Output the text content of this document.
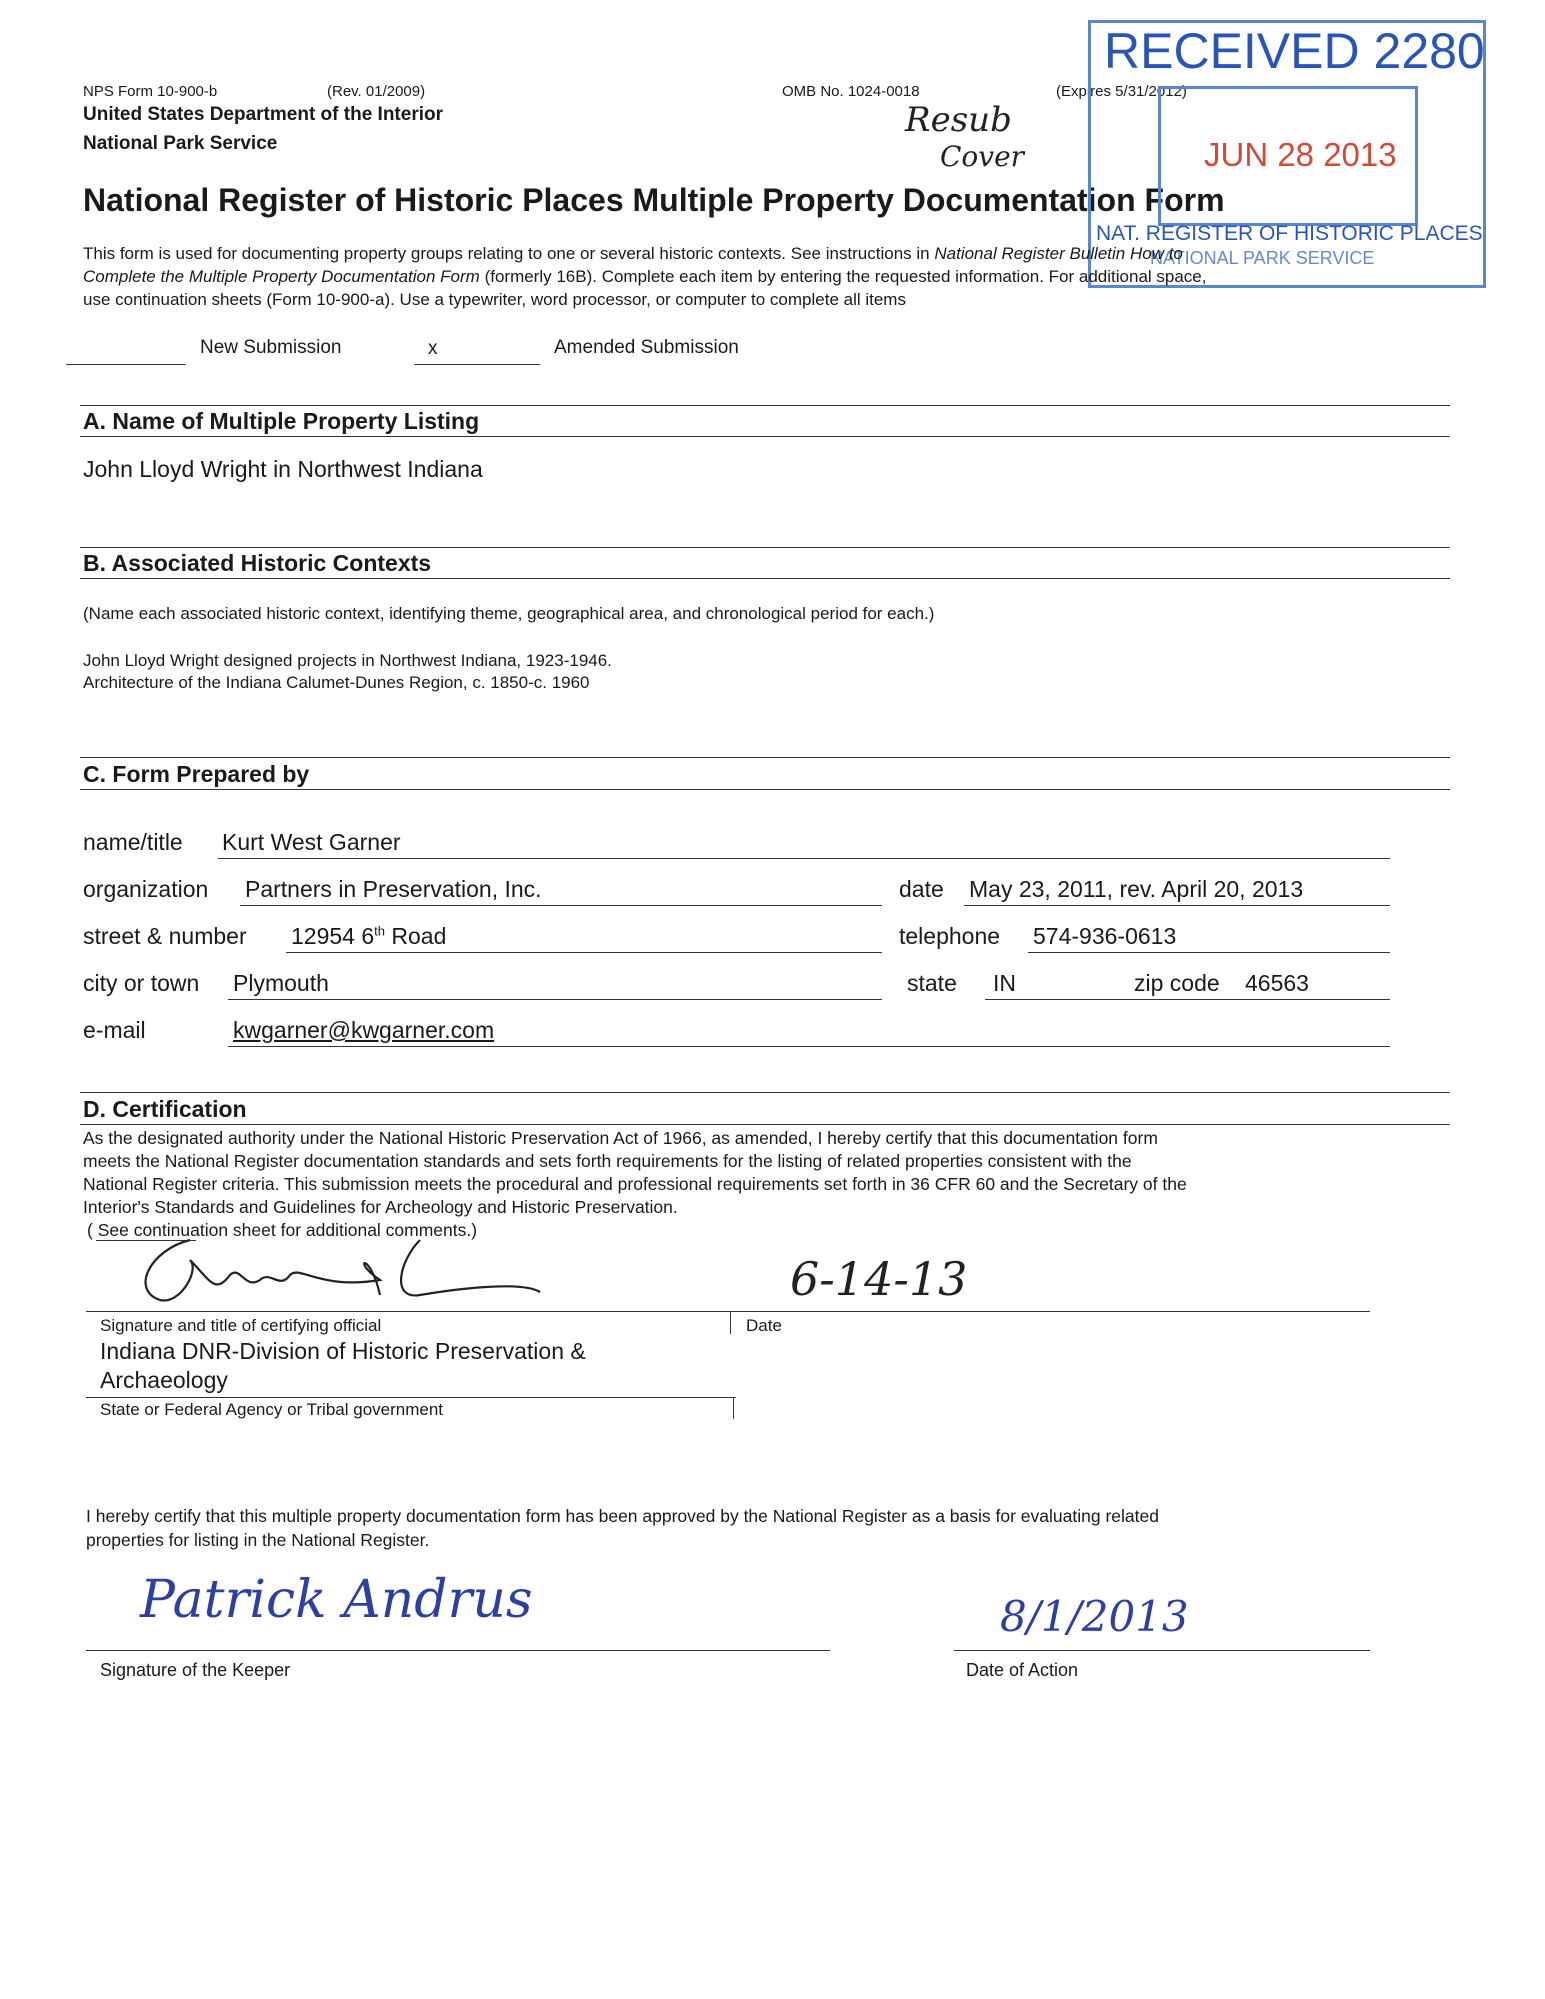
NPS Form 10-900-b	(Rev. 01/2009)	OMB No. 1024-0018	(Expires 5/31/2012)
United States Department of the Interior
National Park Service
Resub
Cover
National Register of Historic Places Multiple Property Documentation Form
RECEIVED 2280
JUN 28 2013
NAT. REGISTER OF HISTORIC PLACES
NATIONAL PARK SERVICE
This form is used for documenting property groups relating to one or several historic contexts. See instructions in National Register Bulletin How to
Complete the Multiple Property Documentation Form (formerly 16B). Complete each item by entering the requested information. For additional space,
use continuation sheets (Form 10-900-a). Use a typewriter, word processor, or computer to complete all items
New Submission	x	Amended Submission
A. Name of Multiple Property Listing
John Lloyd Wright in Northwest Indiana
B. Associated Historic Contexts
(Name each associated historic context, identifying theme, geographical area, and chronological period for each.)
John Lloyd Wright designed projects in Northwest Indiana, 1923-1946.
Architecture of the Indiana Calumet-Dunes Region, c. 1850-c. 1960
C. Form Prepared by
name/title Kurt West Garner
organization Partners in Preservation, Inc.	date May 23, 2011, rev. April 20, 2013
street & number 12954 6th Road	telephone 574-936-0613
city or town Plymouth	state IN	zip code 46563
e-mail	kwgarner@kwgarner.com
D. Certification
As the designated authority under the National Historic Preservation Act of 1966, as amended, I hereby certify that this documentation form
meets the National Register documentation standards and sets forth requirements for the listing of related properties consistent with the
National Register criteria. This submission meets the procedural and professional requirements set forth in 36 CFR 60 and the Secretary of the
Interior's Standards and Guidelines for Archeology and Historic Preservation.
( See continuation sheet for additional comments.)
6-14-13
Signature and title of certifying official	Date
Indiana DNR-Division of Historic Preservation &
Archaeology
State or Federal Agency or Tribal government
I hereby certify that this multiple property documentation form has been approved by the National Register as a basis for evaluating related
properties for listing in the National Register.
Patrick Andrus
Signature of the Keeper
8/1/2013
Date of Action
